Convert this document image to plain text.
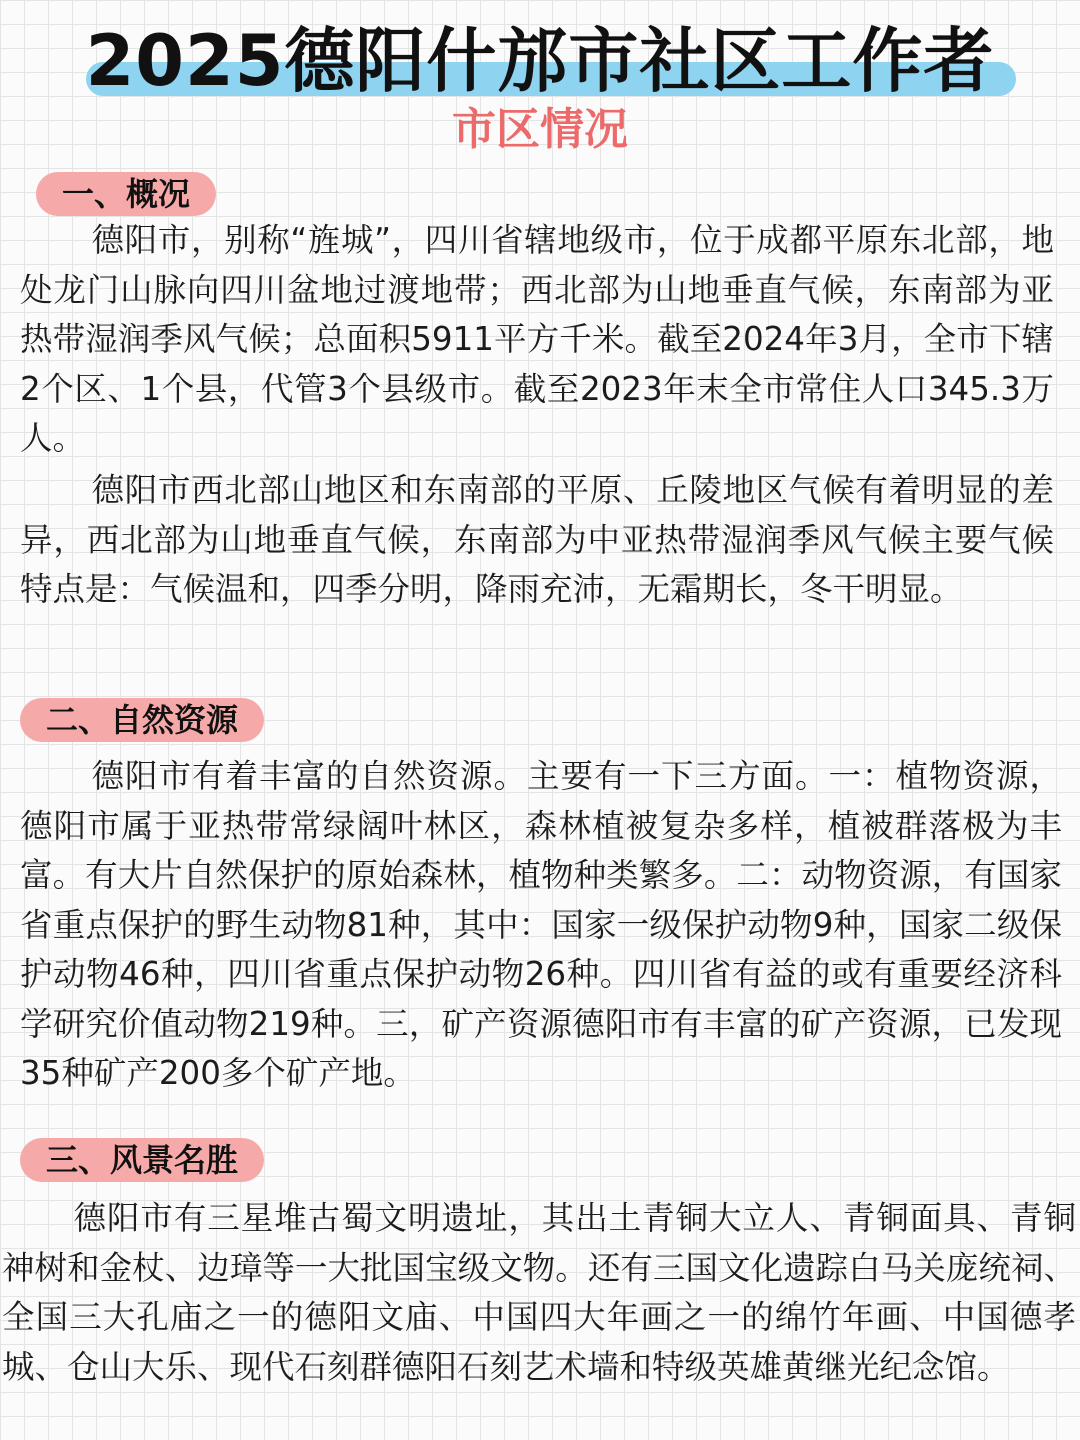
2025德阳什邡市社区工作者
市区情况
一、概况

德阳市，别称“旌城”，四川省辖地级市，位于成都平原东北部，地处龙门山脉向四川盆地过渡地带；西北部为山地垂直气候，东南部为亚热带湿润季风气候；总面积5911平方千米。截至2024年3月，全市下辖2个区、1个县，代管3个县级市。截至2023年末全市常住人口345.3万人。

德阳市西北部山地区和东南部的平原、丘陵地区气候有着明显的差异，西北部为山地垂直气候，东南部为中亚热带湿润季风气候主要气候特点是：气候温和，四季分明，降雨充沛，无霜期长，冬干明显。

二、自然资源

德阳市有着丰富的自然资源。主要有一下三方面。一：植物资源，德阳市属于亚热带常绿阔叶林区，森林植被复杂多样，植被群落极为丰富。有大片自然保护的原始森林，植物种类繁多。二：动物资源，有国家省重点保护的野生动物81种，其中：国家一级保护动物9种，国家二级保护动物46种，四川省重点保护动物26种。四川省有益的或有重要经济科学研究价值动物219种。三，矿产资源德阳市有丰富的矿产资源，已发现35种矿产200多个矿产地。

三、风景名胜

德阳市有三星堆古蜀文明遗址，其出土青铜大立人、青铜面具、青铜神树和金杖、边璋等一大批国宝级文物。还有三国文化遗踪白马关庞统祠、全国三大孔庙之一的德阳文庙、中国四大年画之一的绵竹年画、中国德孝城、仓山大乐、现代石刻群德阳石刻艺术墙和特级英雄黄继光纪念馆。
